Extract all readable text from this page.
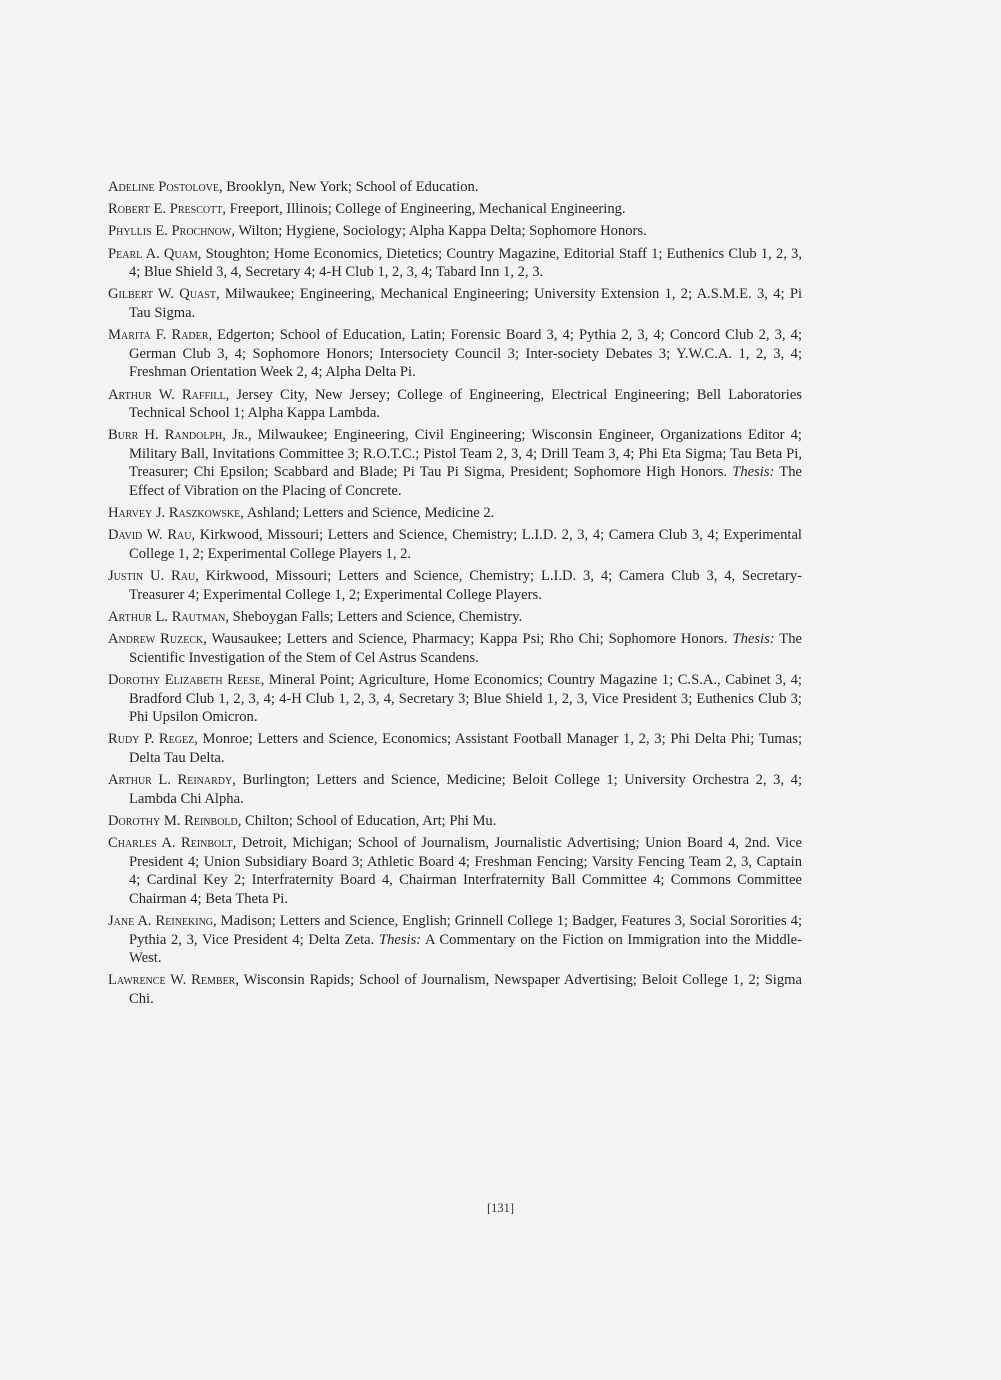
Adeline Postolove, Brooklyn, New York; School of Education.

Robert E. Prescott, Freeport, Illinois; College of Engineering, Mechanical Engineering.

Phyllis E. Prochnow, Wilton; Hygiene, Sociology; Alpha Kappa Delta; Sophomore Honors.

Pearl A. Quam, Stoughton; Home Economics, Dietetics; Country Magazine, Editorial Staff 1; Euthenics Club 1, 2, 3, 4; Blue Shield 3, 4, Secretary 4; 4-H Club 1, 2, 3, 4; Tabard Inn 1, 2, 3.

Gilbert W. Quast, Milwaukee; Engineering, Mechanical Engineering; University Extension 1, 2; A.S.M.E. 3, 4; Pi Tau Sigma.

Marita F. Rader, Edgerton; School of Education, Latin; Forensic Board 3, 4; Pythia 2, 3, 4; Concord Club 2, 3, 4; German Club 3, 4; Sophomore Honors; Intersociety Council 3; Inter-society Debates 3; Y.W.C.A. 1, 2, 3, 4; Freshman Orientation Week 2, 4; Alpha Delta Pi.

Arthur W. Raffill, Jersey City, New Jersey; College of Engineering, Electrical Engineering; Bell Laboratories Technical School 1; Alpha Kappa Lambda.

Burr H. Randolph, Jr., Milwaukee; Engineering, Civil Engineering; Wisconsin Engineer, Organizations Editor 4; Military Ball, Invitations Committee 3; R.O.T.C.; Pistol Team 2, 3, 4; Drill Team 3, 4; Phi Eta Sigma; Tau Beta Pi, Treasurer; Chi Epsilon; Scabbard and Blade; Pi Tau Pi Sigma, President; Sophomore High Honors. Thesis: The Effect of Vibration on the Placing of Concrete.

Harvey J. Raszkowske, Ashland; Letters and Science, Medicine 2.

David W. Rau, Kirkwood, Missouri; Letters and Science, Chemistry; L.I.D. 2, 3, 4; Camera Club 3, 4; Experimental College 1, 2; Experimental College Players 1, 2.

Justin U. Rau, Kirkwood, Missouri; Letters and Science, Chemistry; L.I.D. 3, 4; Camera Club 3, 4, Secretary-Treasurer 4; Experimental College 1, 2; Experimental College Players.

Arthur L. Rautman, Sheboygan Falls; Letters and Science, Chemistry.

Andrew Ruzeck, Wausaukee; Letters and Science, Pharmacy; Kappa Psi; Rho Chi; Sophomore Honors. Thesis: The Scientific Investigation of the Stem of Cel Astrus Scandens.

Dorothy Elizabeth Reese, Mineral Point; Agriculture, Home Economics; Country Magazine 1; C.S.A., Cabinet 3, 4; Bradford Club 1, 2, 3, 4; 4-H Club 1, 2, 3, 4, Secretary 3; Blue Shield 1, 2, 3, Vice President 3; Euthenics Club 3; Phi Upsilon Omicron.

Rudy P. Regez, Monroe; Letters and Science, Economics; Assistant Football Manager 1, 2, 3; Phi Delta Phi; Tumas; Delta Tau Delta.

Arthur L. Reinardy, Burlington; Letters and Science, Medicine; Beloit College 1; University Orchestra 2, 3, 4; Lambda Chi Alpha.

Dorothy M. Reinbold, Chilton; School of Education, Art; Phi Mu.

Charles A. Reinbolt, Detroit, Michigan; School of Journalism, Journalistic Advertising; Union Board 4, 2nd. Vice President 4; Union Subsidiary Board 3; Athletic Board 4; Freshman Fencing; Varsity Fencing Team 2, 3, Captain 4; Cardinal Key 2; Interfraternity Board 4, Chairman Interfraternity Ball Committee 4; Commons Committee Chairman 4; Beta Theta Pi.

Jane A. Reineking, Madison; Letters and Science, English; Grinnell College 1; Badger, Features 3, Social Sororities 4; Pythia 2, 3, Vice President 4; Delta Zeta. Thesis: A Commentary on the Fiction on Immigration into the Middle-West.

Lawrence W. Rember, Wisconsin Rapids; School of Journalism, Newspaper Advertising; Beloit College 1, 2; Sigma Chi.

[131]
